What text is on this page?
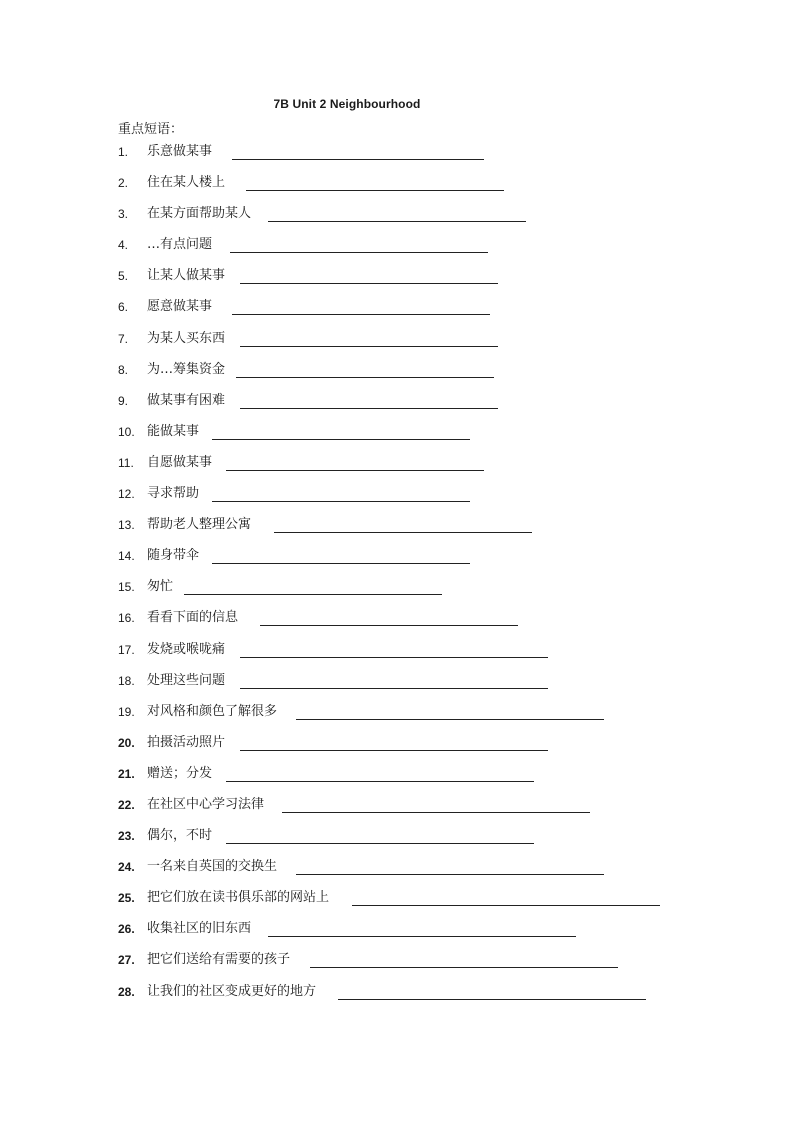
7B Unit 2 Neighbourhood
重点短语：
1.	乐意做某事
2.	住在某人楼上
3.	在某方面帮助某人
4.	…有点问题
5.	让某人做某事
6.	愿意做某事
7.	为某人买东西
8.	为…筹集资金
9.	做某事有困难
10. 能做某事
11.	自愿做某事
12. 寻求帮助
13. 帮助老人整理公寓
14. 随身带伞
15. 匆忙
16. 看看下面的信息
17. 发烧或喉咙痛
18. 处理这些问题
19. 对风格和颜色了解很多
20. 拍摄活动照片
21. 赠送；分发
22. 在社区中心学习法律
23. 偶尔，不时
24. 一名来自英国的交换生
25. 把它们放在读书俱乐部的网站上
26. 收集社区的旧东西
27. 把它们送给有需要的孩子
28. 让我们的社区变成更好的地方
